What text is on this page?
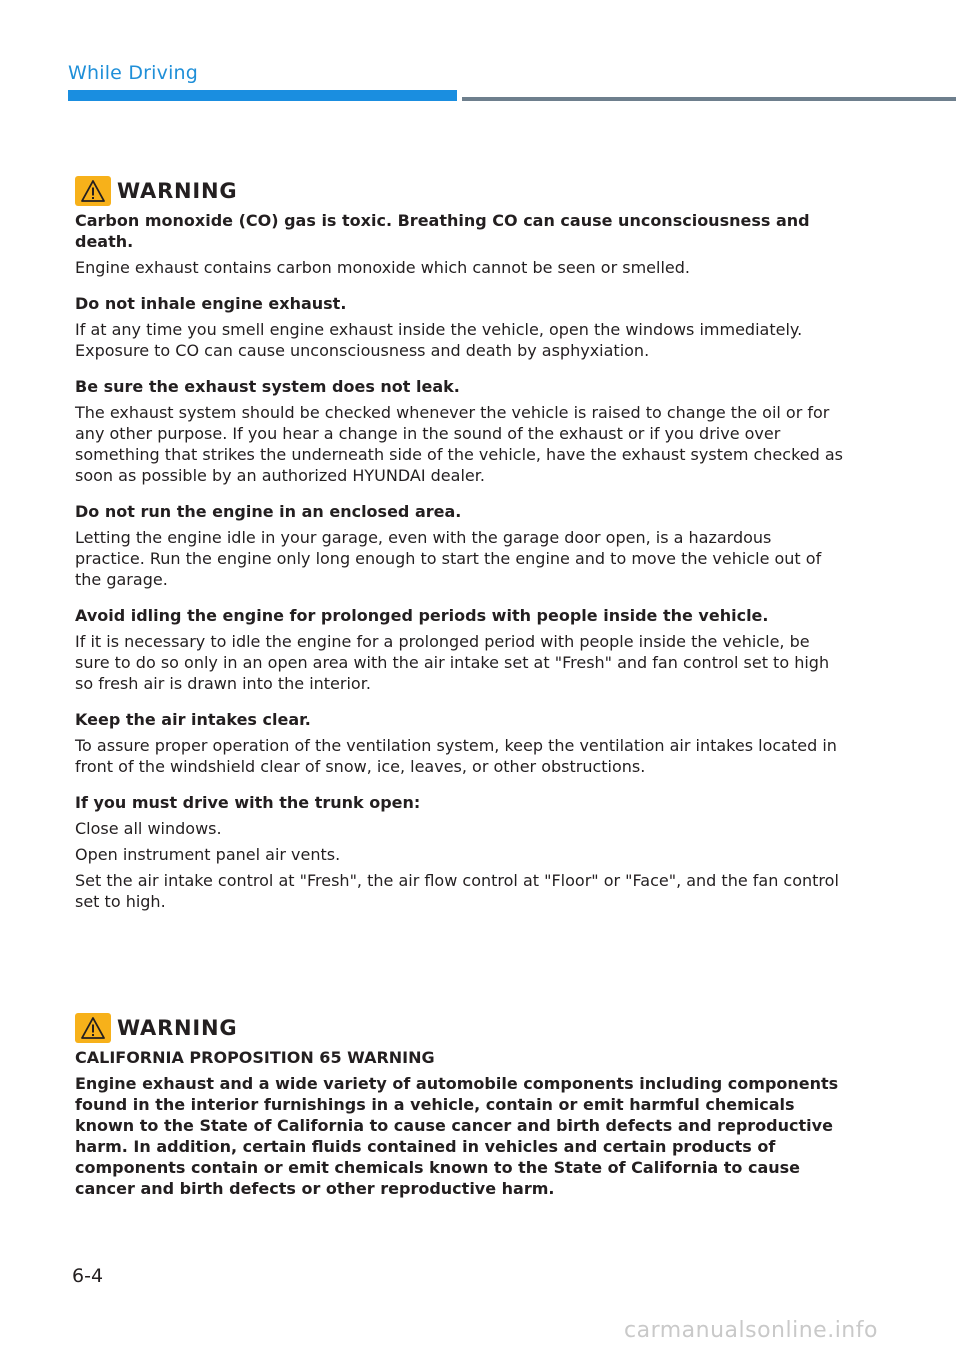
While Driving
WARNING

Carbon monoxide (CO) gas is toxic. Breathing CO can cause unconsciousness and death.

Engine exhaust contains carbon monoxide which cannot be seen or smelled.

Do not inhale engine exhaust.

If at any time you smell engine exhaust inside the vehicle, open the windows immediately. Exposure to CO can cause unconsciousness and death by asphyxiation.

Be sure the exhaust system does not leak.

The exhaust system should be checked whenever the vehicle is raised to change the oil or for any other purpose. If you hear a change in the sound of the exhaust or if you drive over something that strikes the underneath side of the vehicle, have the exhaust system checked as soon as possible by an authorized HYUNDAI dealer.

Do not run the engine in an enclosed area.

Letting the engine idle in your garage, even with the garage door open, is a hazardous practice. Run the engine only long enough to start the engine and to move the vehicle out of the garage.

Avoid idling the engine for prolonged periods with people inside the vehicle.

If it is necessary to idle the engine for a prolonged period with people inside the vehicle, be sure to do so only in an open area with the air intake set at "Fresh" and fan control set to high so fresh air is drawn into the interior.

Keep the air intakes clear.

To assure proper operation of the ventilation system, keep the ventilation air intakes located in front of the windshield clear of snow, ice, leaves, or other obstructions.

If you must drive with the trunk open:

Close all windows.

Open instrument panel air vents.

Set the air intake control at "Fresh", the air flow control at "Floor" or "Face", and the fan control set to high.

WARNING

CALIFORNIA PROPOSITION 65 WARNING

Engine exhaust and a wide variety of automobile components including components found in the interior furnishings in a vehicle, contain or emit harmful chemicals known to the State of California to cause cancer and birth defects and reproductive harm. In addition, certain fluids contained in vehicles and certain products of components contain or emit chemicals known to the State of California to cause cancer and birth defects or other reproductive harm.

6-4
carmanualsonline.info
